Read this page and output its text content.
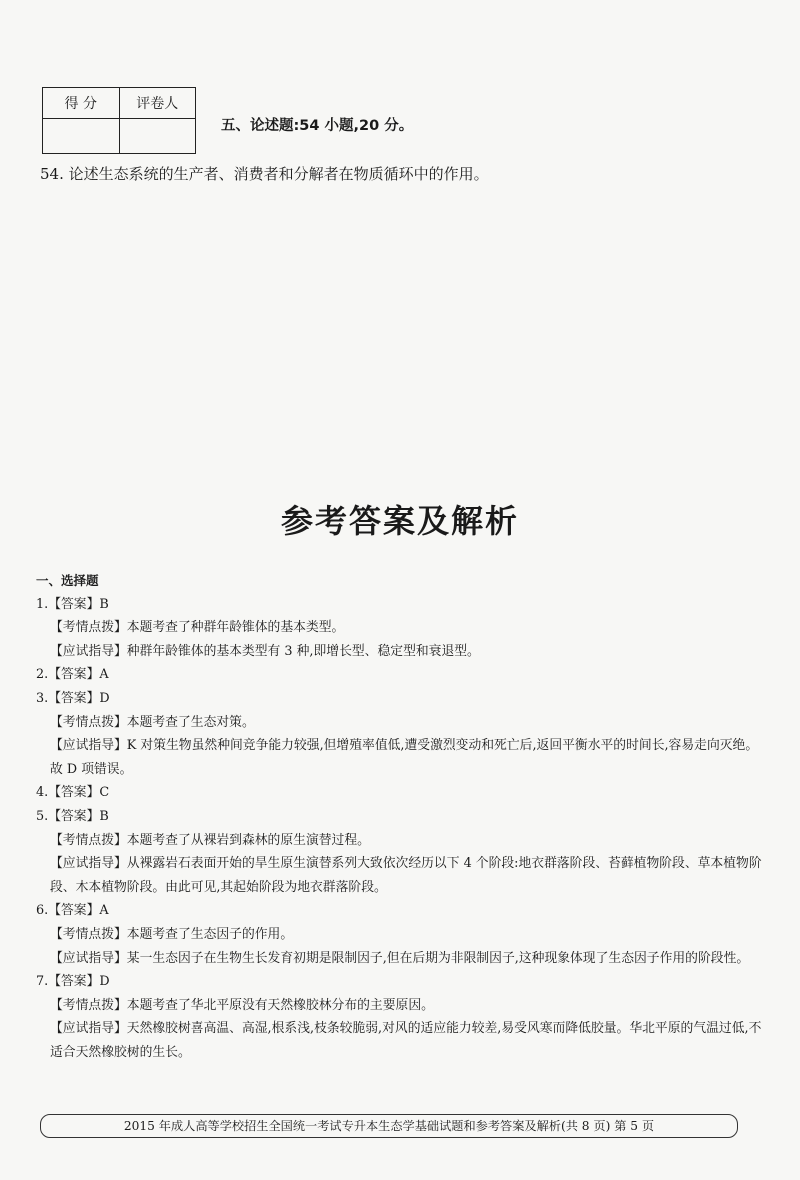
得 分	评卷人

五、论述题:54 小题,20 分。
54. 论述生态系统的生产者、消费者和分解者在物质循环中的作用。
参考答案及解析
一、选择题
1.【答案】B
【考情点拨】本题考查了种群年龄锥体的基本类型。
【应试指导】种群年龄锥体的基本类型有 3 种,即增长型、稳定型和衰退型。
2.【答案】A
3.【答案】D
【考情点拨】本题考查了生态对策。
【应试指导】K 对策生物虽然种间竞争能力较强,但增殖率值低,遭受激烈变动和死亡后,返回平衡水平的时间长,容易走向灭绝。故 D 项错误。
4.【答案】C
5.【答案】B
【考情点拨】本题考查了从裸岩到森林的原生演替过程。
【应试指导】从裸露岩石表面开始的旱生原生演替系列大致依次经历以下 4 个阶段:地衣群落阶段、苔藓植物阶段、草本植物阶段、木本植物阶段。由此可见,其起始阶段为地衣群落阶段。
6.【答案】A
【考情点拨】本题考查了生态因子的作用。
【应试指导】某一生态因子在生物生长发育初期是限制因子,但在后期为非限制因子,这种现象体现了生态因子作用的阶段性。
7.【答案】D
【考情点拨】本题考查了华北平原没有天然橡胶林分布的主要原因。
【应试指导】天然橡胶树喜高温、高湿,根系浅,枝条较脆弱,对风的适应能力较差,易受风寒而降低胶量。华北平原的气温过低,不适合天然橡胶树的生长。
2015 年成人高等学校招生全国统一考试专升本生态学基础试题和参考答案及解析(共 8 页) 第 5 页
